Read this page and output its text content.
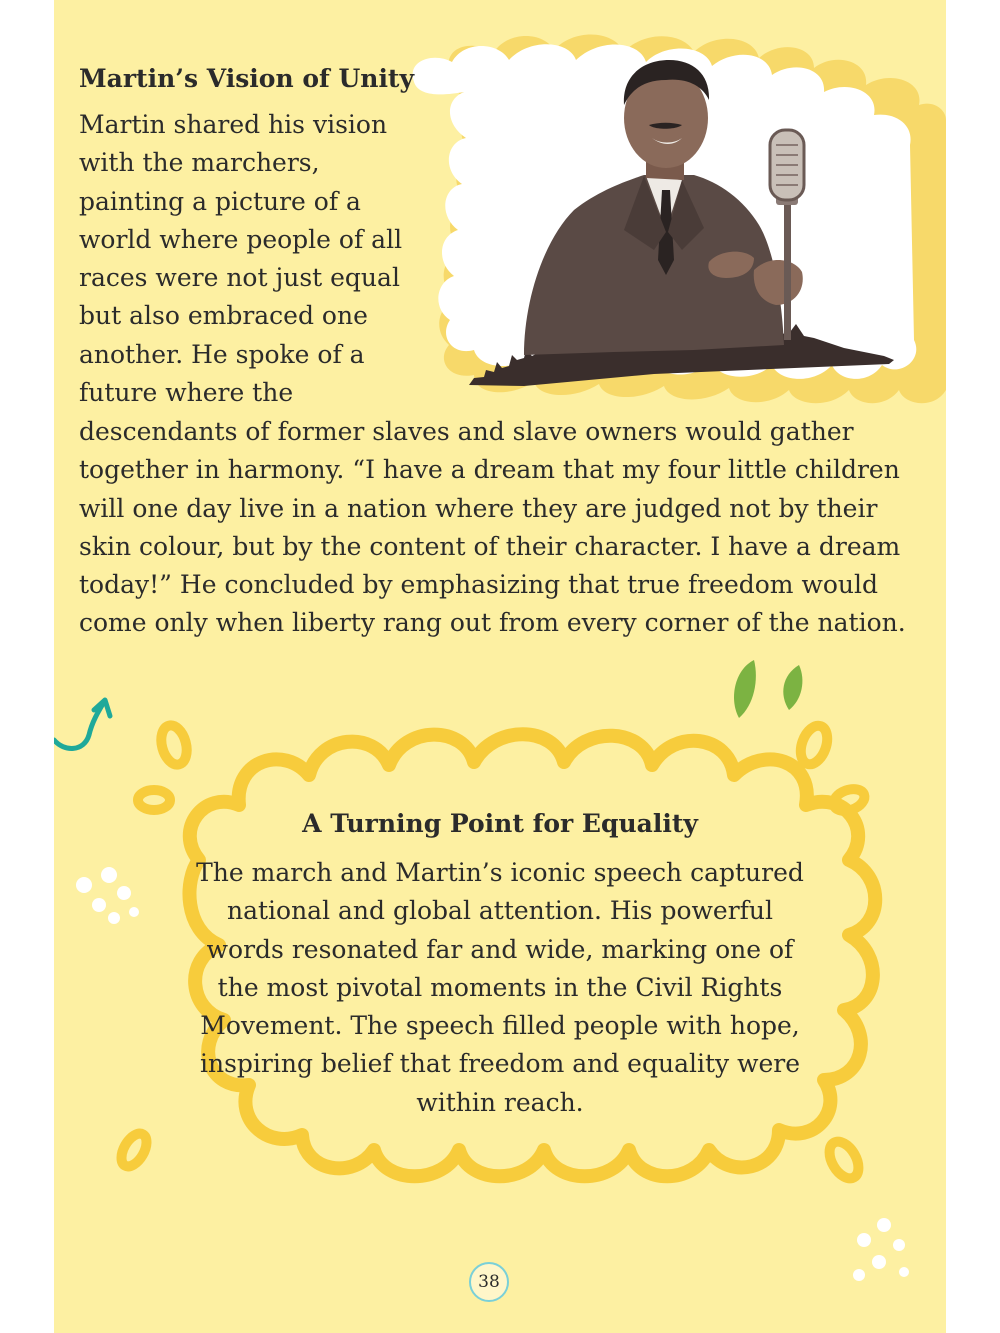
Martin’s Vision of Unity

Martin shared his vision with the marchers, painting a picture of a world where people of all races were not just equal but also embraced one another. He spoke of a future where the

descendants of former slaves and slave owners would gather together in harmony. “I have a dream that my four little children will one day live in a nation where they are judged not by their skin colour, but by the content of their character. I have a dream today!” He concluded by emphasizing that true freedom would come only when liberty rang out from every corner of the nation.

A Turning Point for Equality

The march and Martin’s iconic speech captured national and global attention. His powerful words resonated far and wide, marking one of the most pivotal moments in the Civil Rights Movement. The speech filled people with hope, inspiring belief that freedom and equality were within reach.

38
